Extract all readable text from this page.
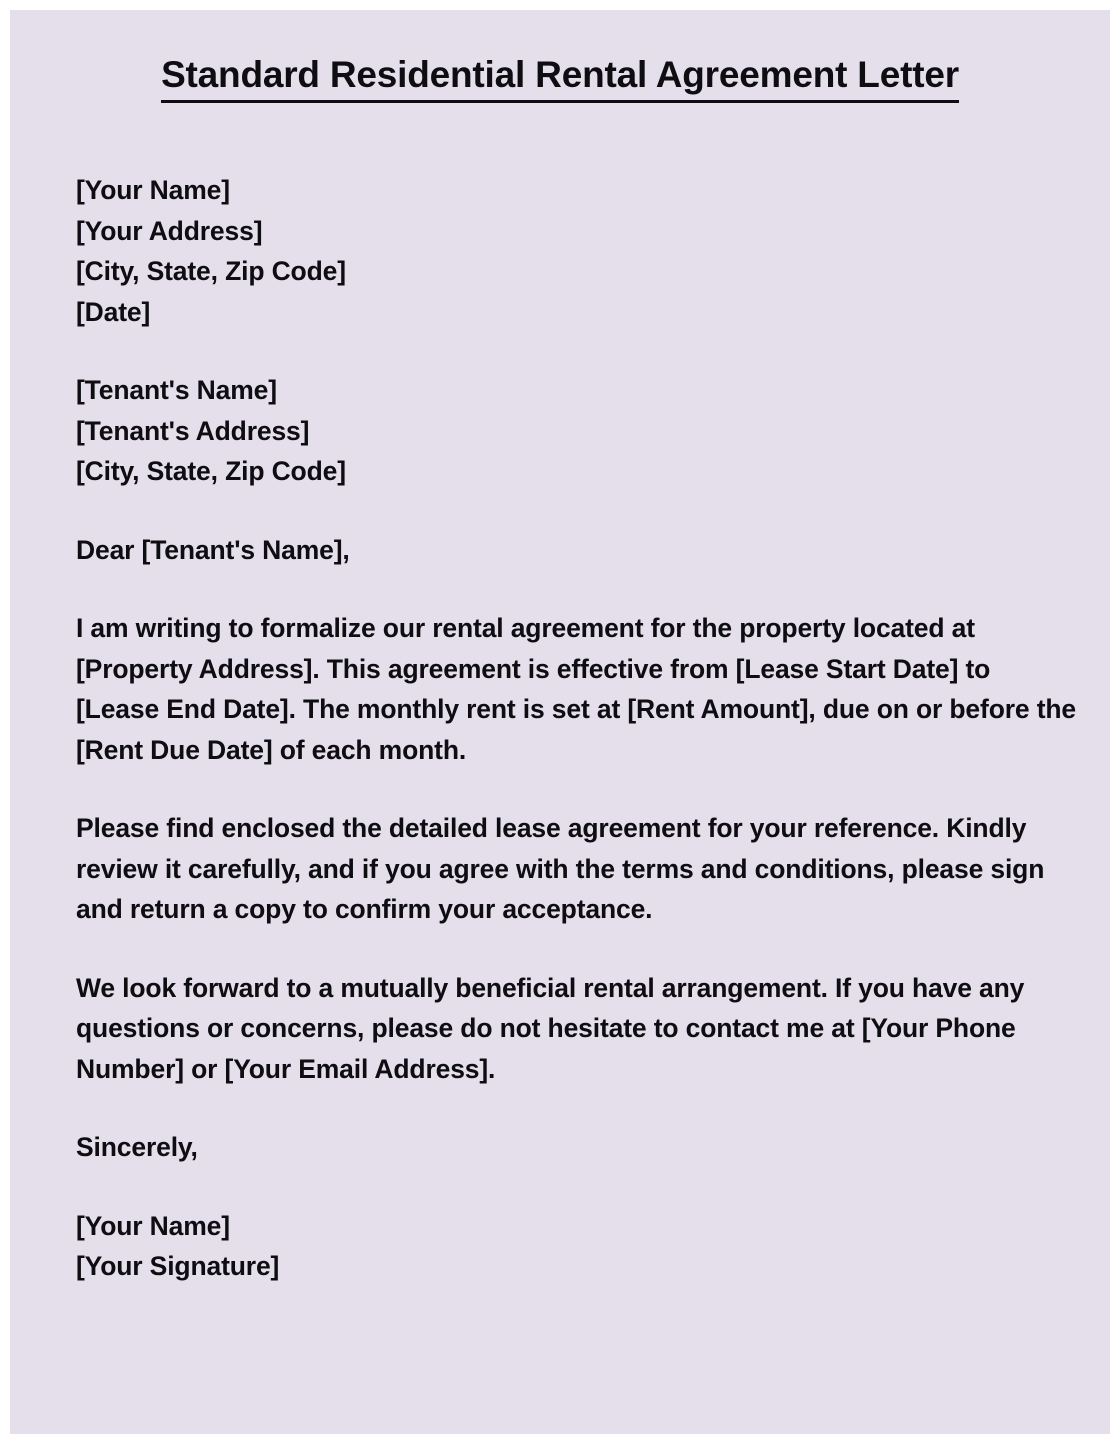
Standard Residential Rental Agreement Letter
[Your Name]
[Your Address]
[City, State, Zip Code]
[Date]
[Tenant's Name]
[Tenant's Address]
[City, State, Zip Code]
Dear [Tenant's Name],

I am writing to formalize our rental agreement for the property located at [Property Address]. This agreement is effective from [Lease Start Date] to [Lease End Date]. The monthly rent is set at [Rent Amount], due on or before the [Rent Due Date] of each month.

Please find enclosed the detailed lease agreement for your reference. Kindly review it carefully, and if you agree with the terms and conditions, please sign and return a copy to confirm your acceptance.

We look forward to a mutually beneficial rental arrangement. If you have any questions or concerns, please do not hesitate to contact me at [Your Phone Number] or [Your Email Address].

Sincerely,
[Your Name]
[Your Signature]
